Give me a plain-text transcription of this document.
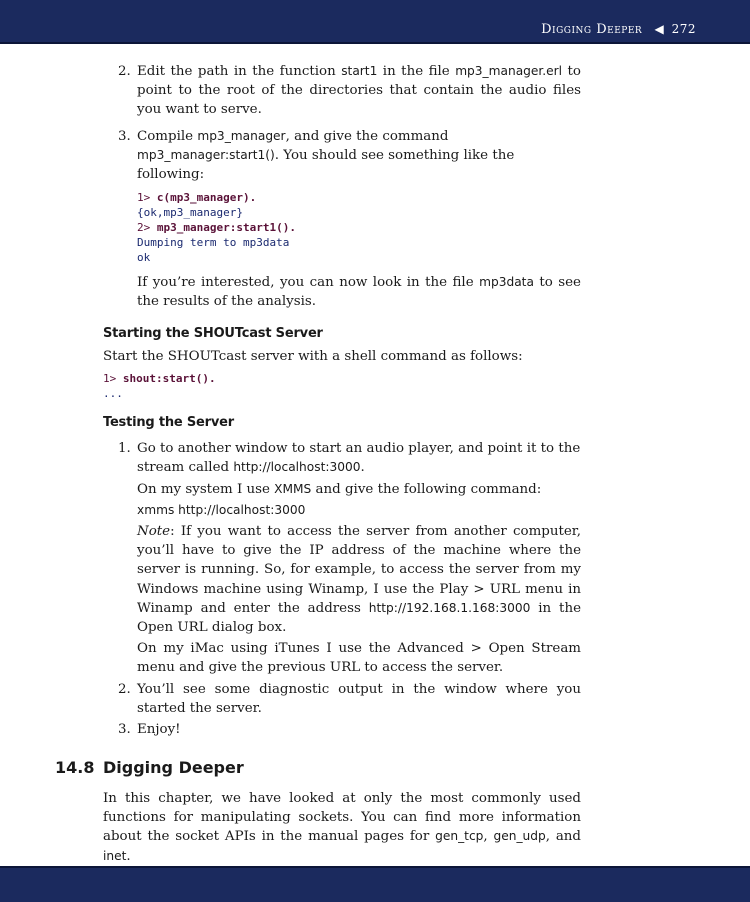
Digging Deeper ◀ 272
2. Edit the path in the function start1 in the file mp3_manager.erl to point to the root of the directories that contain the audio files you want to serve.

3. Compile mp3_manager, and give the command mp3_manager:start1(). You should see something like the following:

1> c(mp3_manager).
{ok,mp3_manager}
2> mp3_manager:start1().
Dumping term to mp3data
ok

If you’re interested, you can now look in the file mp3data to see the results of the analysis.

Starting the SHOUTcast Server

Start the SHOUTcast server with a shell command as follows:

1> shout:start().
...
Testing the Server
1. Go to another window to start an audio player, and point it to the stream called http://localhost:3000.

On my system I use XMMS and give the following command:

xmms http://localhost:3000

Note: If you want to access the server from another computer, you’ll have to give the IP address of the machine where the server is running. So, for example, to access the server from my Windows machine using Winamp, I use the Play > URL menu in Winamp and enter the address http://192.168.1.168:3000 in the Open URL dialog box.

On my iMac using iTunes I use the Advanced > Open Stream menu and give the previous URL to access the server.

2. You’ll see some diagnostic output in the window where you started the server.

3. Enjoy!

14.8 Digging Deeper

In this chapter, we have looked at only the most commonly used functions for manipulating sockets. You can find more information about the socket APIs in the manual pages for gen_tcp, gen_udp, and inet.
